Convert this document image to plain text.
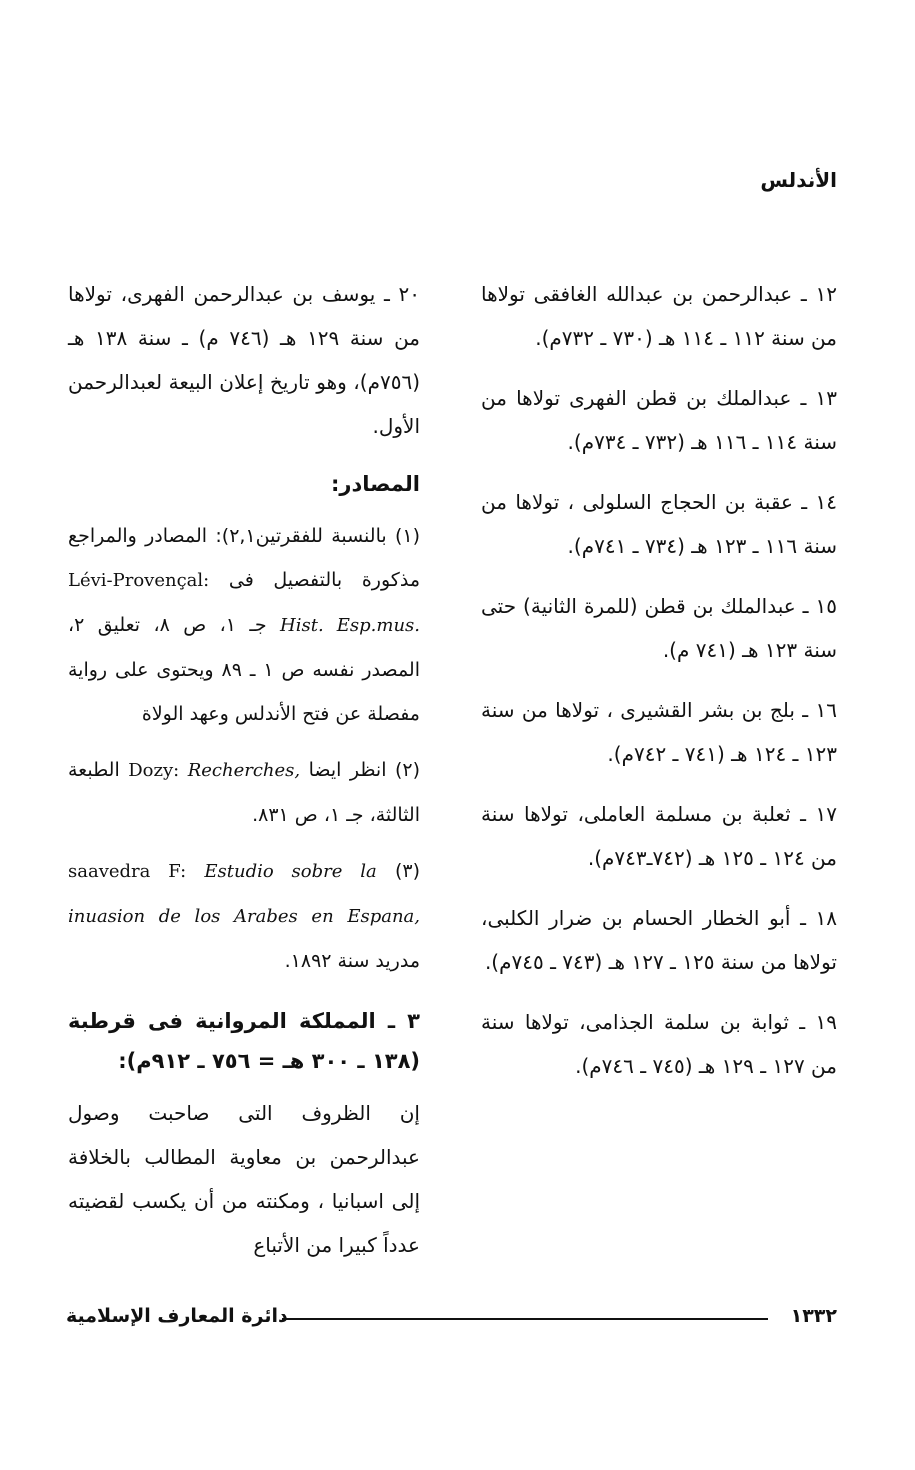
الأندلس

١٢ ـ عبدالرحمن بن عبدالله الغافقى تولاها من سنة ١١٢ ـ ١١٤ هـ (٧٣٠ ـ ٧٣٢م).

١٣ ـ عبدالملك بن قطن الفهرى تولاها من سنة ١١٤ ـ ١١٦ هـ (٧٣٢ ـ ٧٣٤م).

١٤ ـ عقبة بن الحجاج السلولى ، تولاها من سنة ١١٦ ـ ١٢٣ هـ (٧٣٤ ـ ٧٤١م).

١٥ ـ عبدالملك بن قطن (للمرة الثانية) حتى سنة ١٢٣ هـ (٧٤١ م).

١٦ ـ بلج بن بشر القشيرى ، تولاها من سنة ١٢٣ ـ ١٢٤ هـ (٧٤١ ـ ٧٤٢م).

١٧ ـ ثعلبة بن مسلمة العاملى، تولاها سنة من ١٢٤ ـ ١٢٥ هـ (٧٤٢ـ٧٤٣م).

١٨ ـ أبو الخطار الحسام بن ضرار الكلبى، تولاها من سنة ١٢٥ ـ ١٢٧ هـ (٧٤٣ ـ ٧٤٥م).

١٩ ـ ثوابة بن سلمة الجذامى، تولاها سنة من ١٢٧ ـ ١٢٩ هـ (٧٤٥ ـ ٧٤٦م).

٢٠ ـ يوسف بن عبدالرحمن الفهرى، تولاها من سنة ١٢٩ هـ (٧٤٦ م) ـ سنة ١٣٨ هـ (٧٥٦م)، وهو تاريخ إعلان البيعة لعبدالرحمن الأول.

المصادر:

(١) بالنسبة للفقرتين٢,١): المصادر والمراجع مذكورة بالتفصيل فى Lévi-Provençal: Hist. Esp.mus. جـ ١، ص ٨، تعليق ٢، المصدر نفسه ص ١ ـ ٨٩ ويحتوى على رواية مفصلة عن فتح الأندلس وعهد الولاة

(٢) انظر ايضا Dozy: Recherches, الطبعة الثالثة، جـ ١، ص ٨٣١.

(٣) saavedra F: Estudio sobre la inuasion de los Arabes en Espana, مدريد سنة ١٨٩٢.

٣ ـ المملكة المروانية فى قرطبة (١٣٨ ـ ٣٠٠ هـ = ٧٥٦ ـ ٩١٢م):

إن الظروف التى صاحبت وصول عبدالرحمن بن معاوية المطالب بالخلافة إلى اسبانيا ، ومكنته من أن يكسب لقضيته عدداً كبيرا من الأتباع

١٣٣٢
دائرة المعارف الإسلامية
